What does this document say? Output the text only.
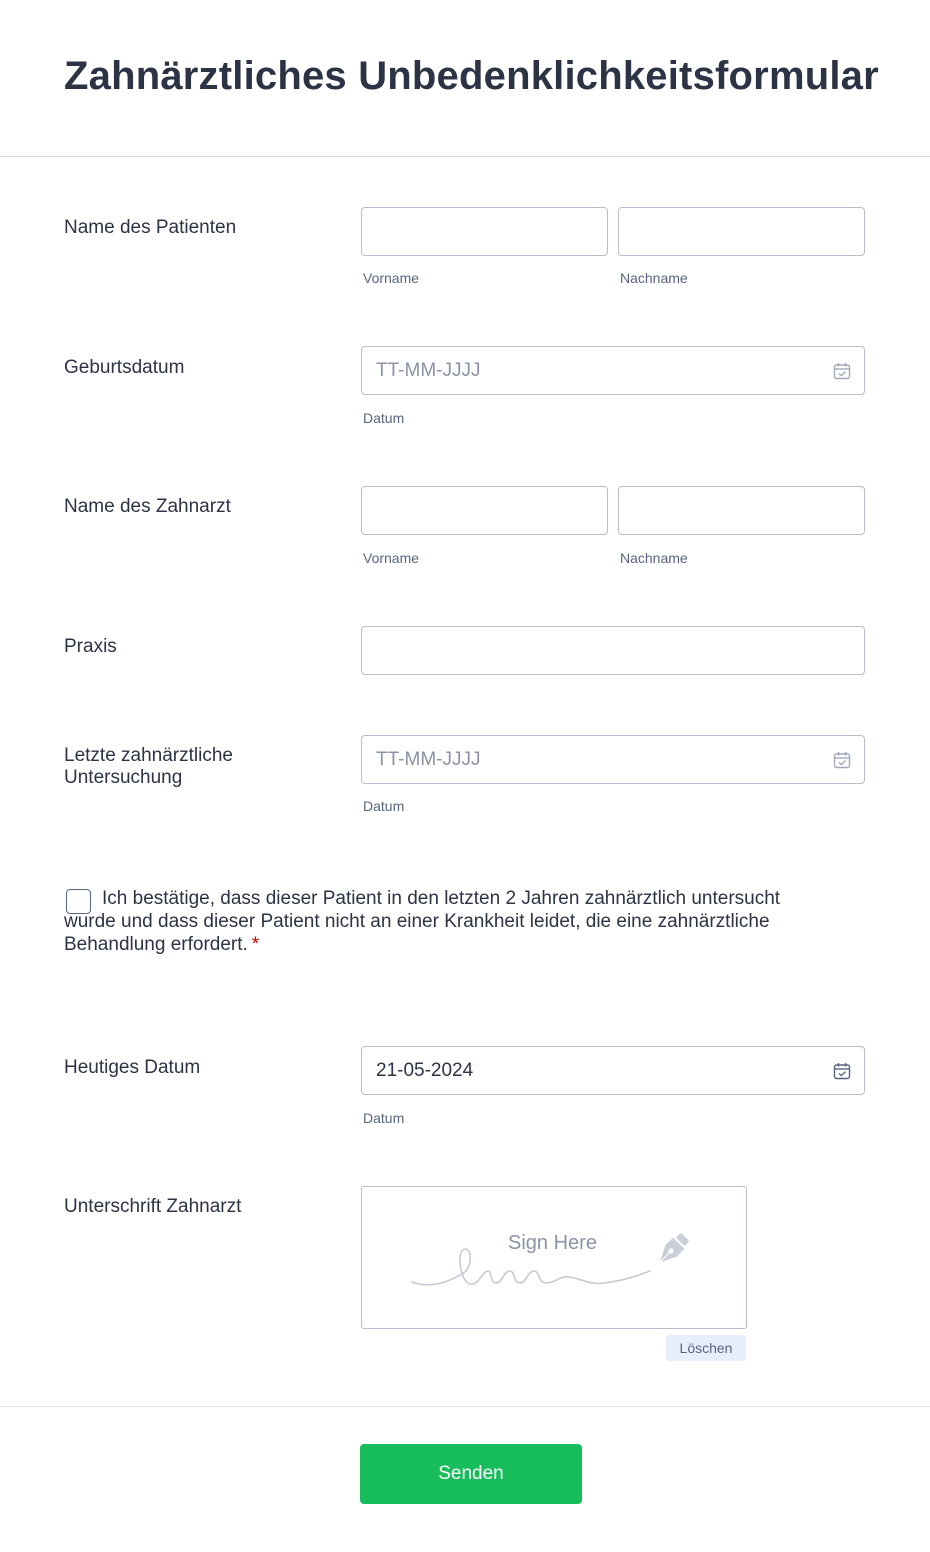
Zahnärztliches Unbedenklichkeitsformular
Name des Patienten
Vorname	Nachname
Geburtsdatum
TT-MM-JJJJ
Datum
Name des Zahnarzt
Vorname	Nachname
Praxis
Letzte zahnärztliche
Untersuchung
TT-MM-JJJJ
Datum
Ich bestätige, dass dieser Patient in den letzten 2 Jahren zahnärztlich untersucht wurde und dass dieser Patient nicht an einer Krankheit leidet, die eine zahnärztliche Behandlung erfordert. *
Heutiges Datum
21-05-2024
Datum
Unterschrift Zahnarzt
Sign Here
Löschen
Senden
